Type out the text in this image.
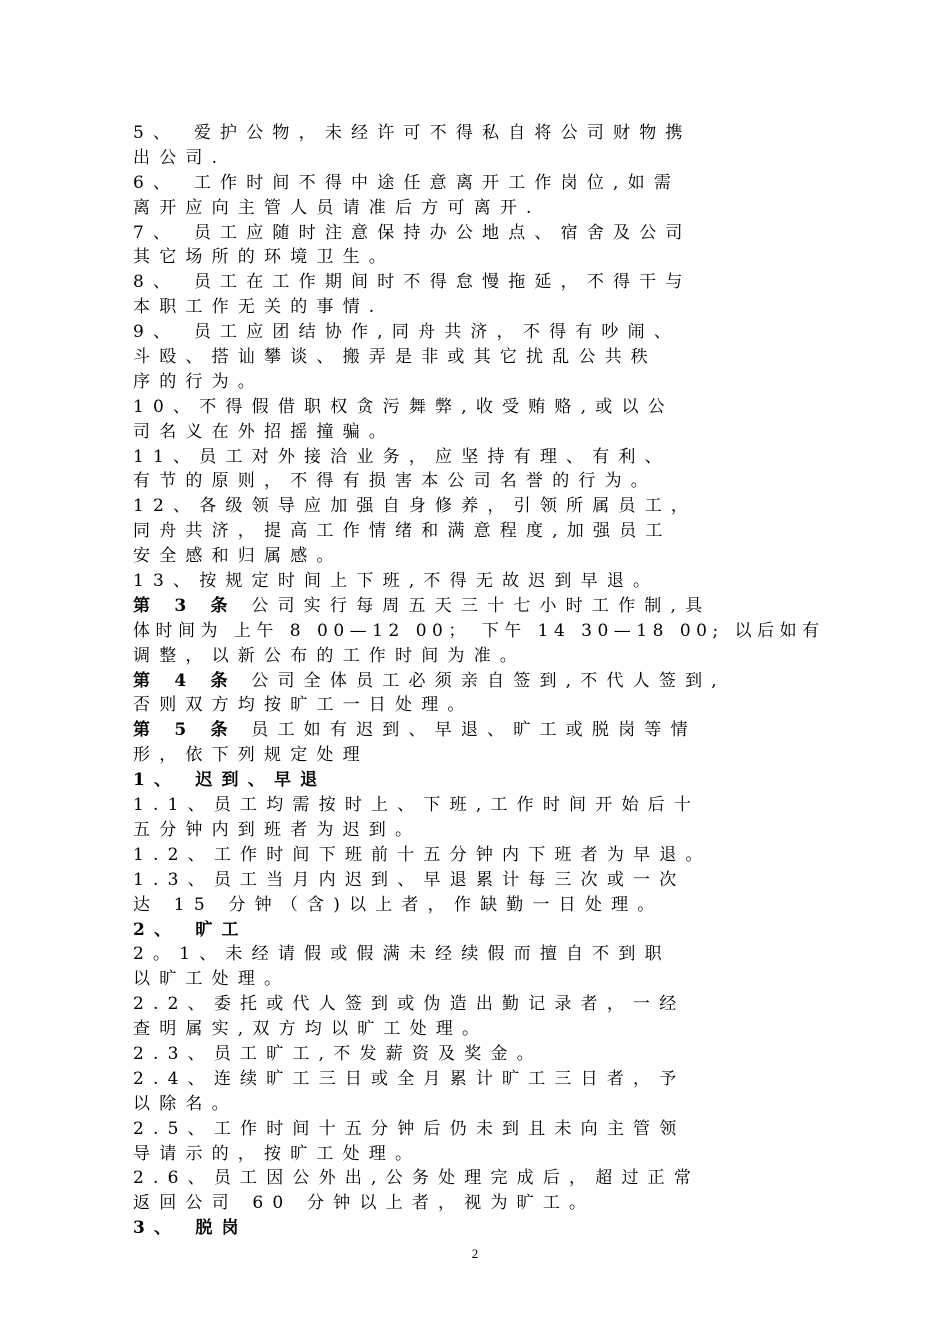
5、 爱护公物，未经许可不得私自将公司财物携
出公司.
6、 工作时间不得中途任意离开工作岗位,如需
离开应向主管人员请准后方可离开.
7、 员工应随时注意保持办公地点、宿舍及公司
其它场所的环境卫生。
8、 员工在工作期间时不得怠慢拖延，不得干与
本职工作无关的事情.
9、 员工应团结协作,同舟共济，不得有吵闹、
斗殴、搭讪攀谈、搬弄是非或其它扰乱公共秩
序的行为。
10、不得假借职权贪污舞弊,收受贿赂,或以公
司名义在外招摇撞骗。
11、员工对外接洽业务，应坚持有理、有利、
有节的原则，不得有损害本公司名誉的行为。
12、各级领导应加强自身修养，引领所属员工，
同舟共济，提高工作情绪和满意程度,加强员工
安全感和归属感。
13、按规定时间上下班,不得无故迟到早退。
第 3 条 公司实行每周五天三十七小时工作制,具
体时间为 上午 8 00—12 00； 下午 14 30—18 00; 以后如有
调整，以新公布的工作时间为准。
第 4 条 公司全体员工必须亲自签到,不代人签到,
否则双方均按旷工一日处理。
第 5 条 员工如有迟到、早退、旷工或脱岗等情
形，依下列规定处理
1、 迟到、早退
1.1、员工均需按时上、下班,工作时间开始后十
五分钟内到班者为迟到。
1.2、工作时间下班前十五分钟内下班者为早退。
1.3、员工当月内迟到、早退累计每三次或一次
达 15 分钟（含)以上者，作缺勤一日处理。
2、 旷工
2。1、未经请假或假满未经续假而擅自不到职
以旷工处理。
2.2、委托或代人签到或伪造出勤记录者，一经
查明属实,双方均以旷工处理。
2.3、员工旷工,不发薪资及奖金。
2.4、连续旷工三日或全月累计旷工三日者，予
以除名。
2.5、工作时间十五分钟后仍未到且未向主管领
导请示的，按旷工处理。
2.6、员工因公外出,公务处理完成后，超过正常
返回公司 60 分钟以上者，视为旷工。
3、 脱岗
2
